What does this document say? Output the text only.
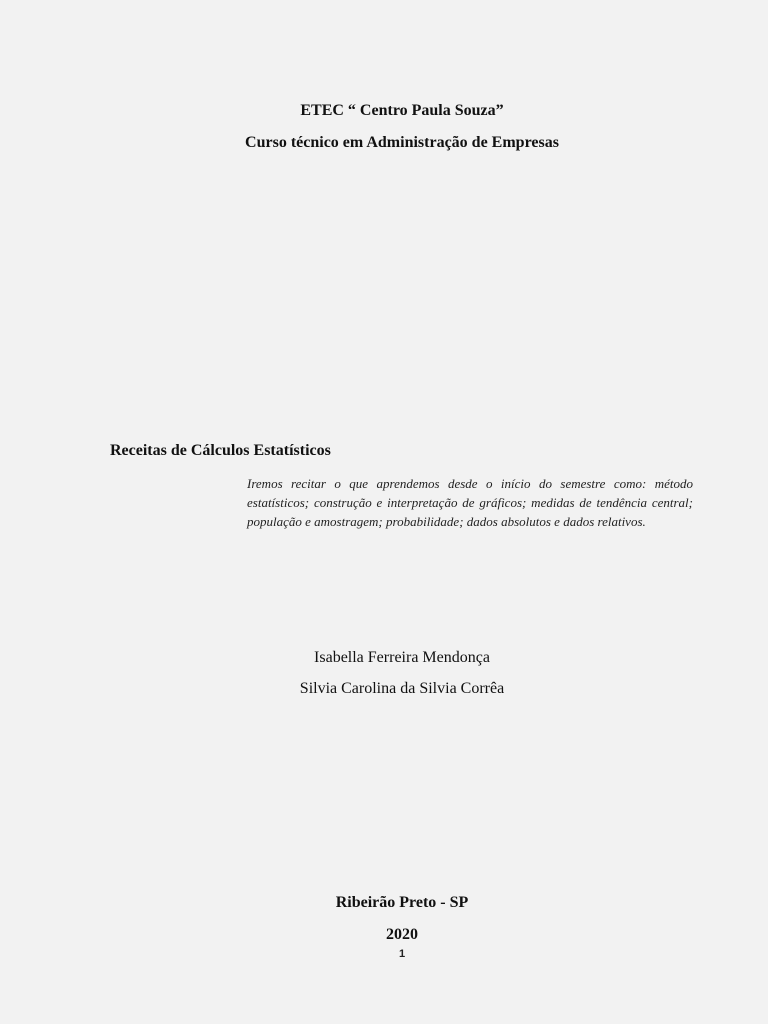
ETEC “ Centro Paula Souza”
Curso técnico em Administração de Empresas
Receitas de Cálculos Estatísticos
Iremos recitar o que aprendemos desde o início do semestre como: método estatísticos; construção e interpretação de gráficos; medidas de tendência central; população e amostragem; probabilidade; dados absolutos e dados relativos.
Isabella Ferreira Mendonça
Silvia Carolina da Silvia Corrêa
Ribeirão Preto - SP
2020
1
